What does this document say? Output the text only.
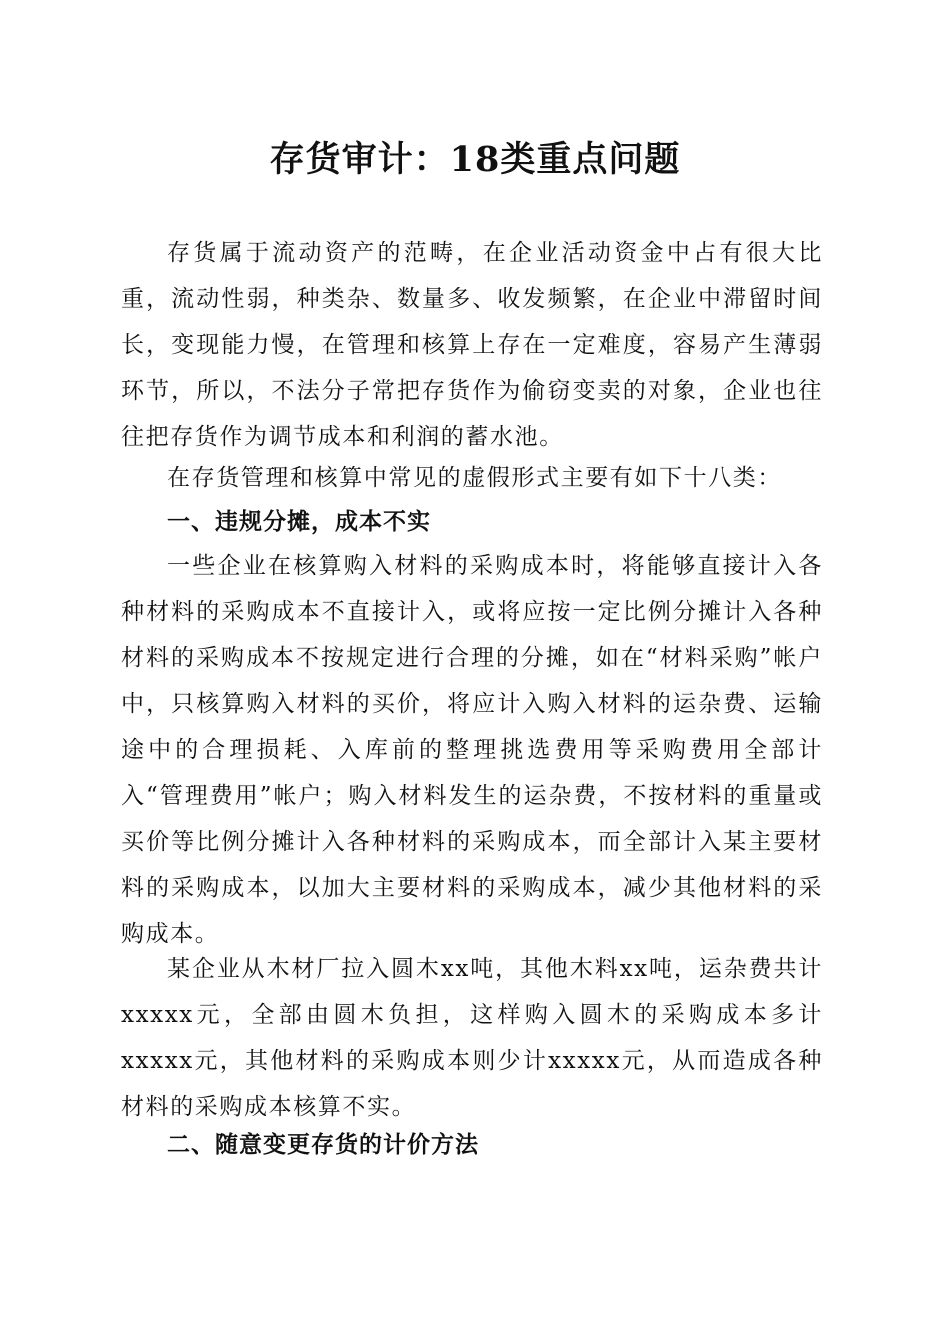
存货审计：18类重点问题

存货属于流动资产的范畴，在企业活动资金中占有很大比重，流动性弱，种类杂、数量多、收发频繁，在企业中滞留时间长，变现能力慢，在管理和核算上存在一定难度，容易产生薄弱环节，所以，不法分子常把存货作为偷窃变卖的对象，企业也往往把存货作为调节成本和利润的蓄水池。

在存货管理和核算中常见的虚假形式主要有如下十八类：

一、违规分摊，成本不实

一些企业在核算购入材料的采购成本时，将能够直接计入各种材料的采购成本不直接计入，或将应按一定比例分摊计入各种材料的采购成本不按规定进行合理的分摊，如在“材料采购”帐户中，只核算购入材料的买价，将应计入购入材料的运杂费、运输途中的合理损耗、入库前的整理挑选费用等采购费用全部计入“管理费用”帐户；购入材料发生的运杂费，不按材料的重量或买价等比例分摊计入各种材料的采购成本，而全部计入某主要材料的采购成本，以加大主要材料的采购成本，减少其他材料的采购成本。

某企业从木材厂拉入圆木xx吨，其他木料xx吨，运杂费共计xxxxx元，全部由圆木负担，这样购入圆木的采购成本多计xxxxx元，其他材料的采购成本则少计xxxxx元，从而造成各种材料的采购成本核算不实。

二、随意变更存货的计价方法
